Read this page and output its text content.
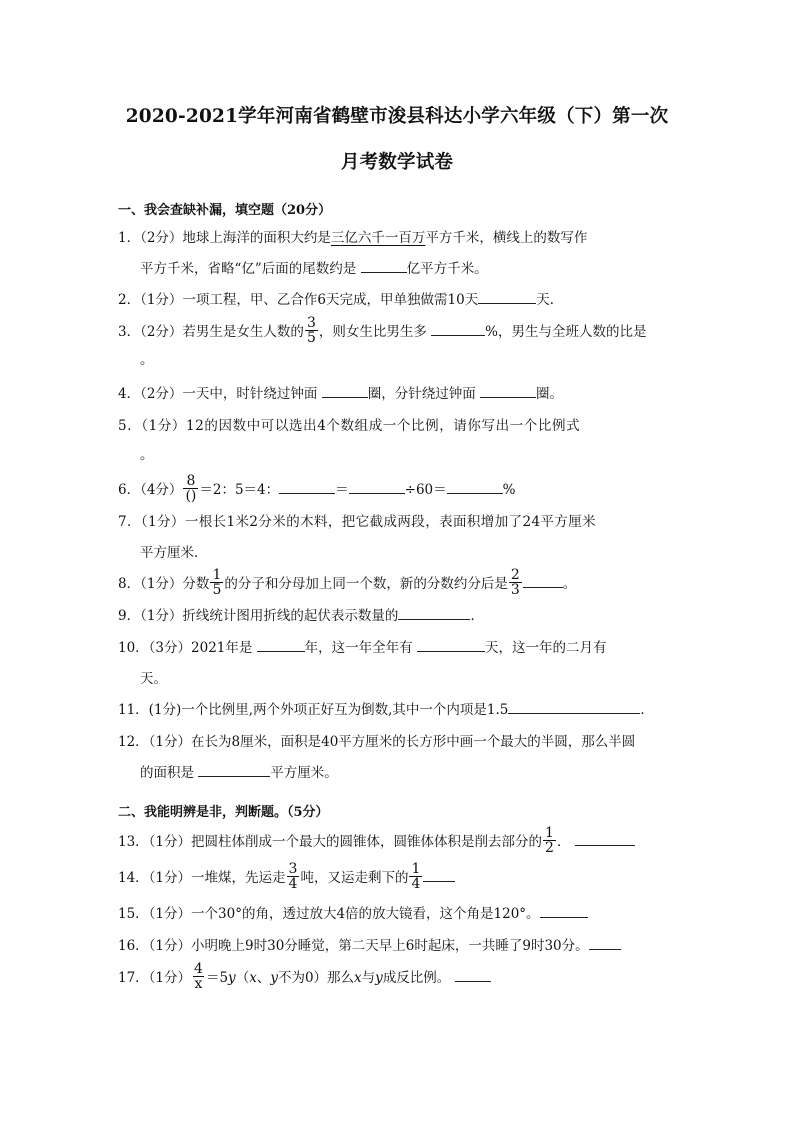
2020-2021学年河南省鹤壁市浚县科达小学六年级（下）第一次
月考数学试卷
一、我会查缺补漏，填空题（20分）
1．（2分）地球上海洋的面积大约是三亿六千一百万平方千米，横线上的数写作
平方千米，省略“亿”后面的尾数约是	亿平方千米。
2．（1分）一项工程，甲、乙合作6天完成，甲单独做需10天	天．
3．（2分）若男生是女生人数的 $\frac{3}{5}$ ，则女生比男生多	%，男生与全班人数的比是
。
4．（2分）一天中，时针绕过钟面	圈，分针绕过钟面	圈。
5．（1分）12的因数中可以选出4个数组成一个比例，请你写出一个比例式
。
6．（4分） $\frac{8}{()} =2$：5＝4：	＝	÷60＝	%
7．（1分）一根长1米2分米的木料，把它截成两段，表面积增加了24平方厘米
平方厘米．
8．（1分）分数 $\frac{1}{5}$ 的分子和分母加上同一个数，新的分数约分后是 $\frac{2}{3}$	。
9．（1分）折线统计图用折线的起伏表示数量的	．
10．（3分）2021年是	年，这一年全年有	天，这一年的二月有
天。
11．(1分)一个比例里,两个外项正好互为倒数,其中一个内项是1.5	．
12．（1分）在长为8厘米，面积是40平方厘米的长方形中画一个最大的半圆，那么半圆
的面积是	平方厘米。
二、我能明辨是非，判断题。（5分）
13．（1分）把圆柱体削成一个最大的圆锥体，圆锥体体积是削去部分的 $\frac{1}{2}$ ．
14．（1分）一堆煤，先运走 $\frac{3}{4}$ 吨，又运走剩下的 $\frac{1}{4}$
15．（1分）一个30°的角，透过放大4倍的放大镜看，这个角是120°。
16．（1分）小明晚上9时30分睡觉，第二天早上6时起床，一共睡了9时30分。
17．（1分） $\frac{4}{x} =5y(x$、y不为0）那么x与y成反比例。
